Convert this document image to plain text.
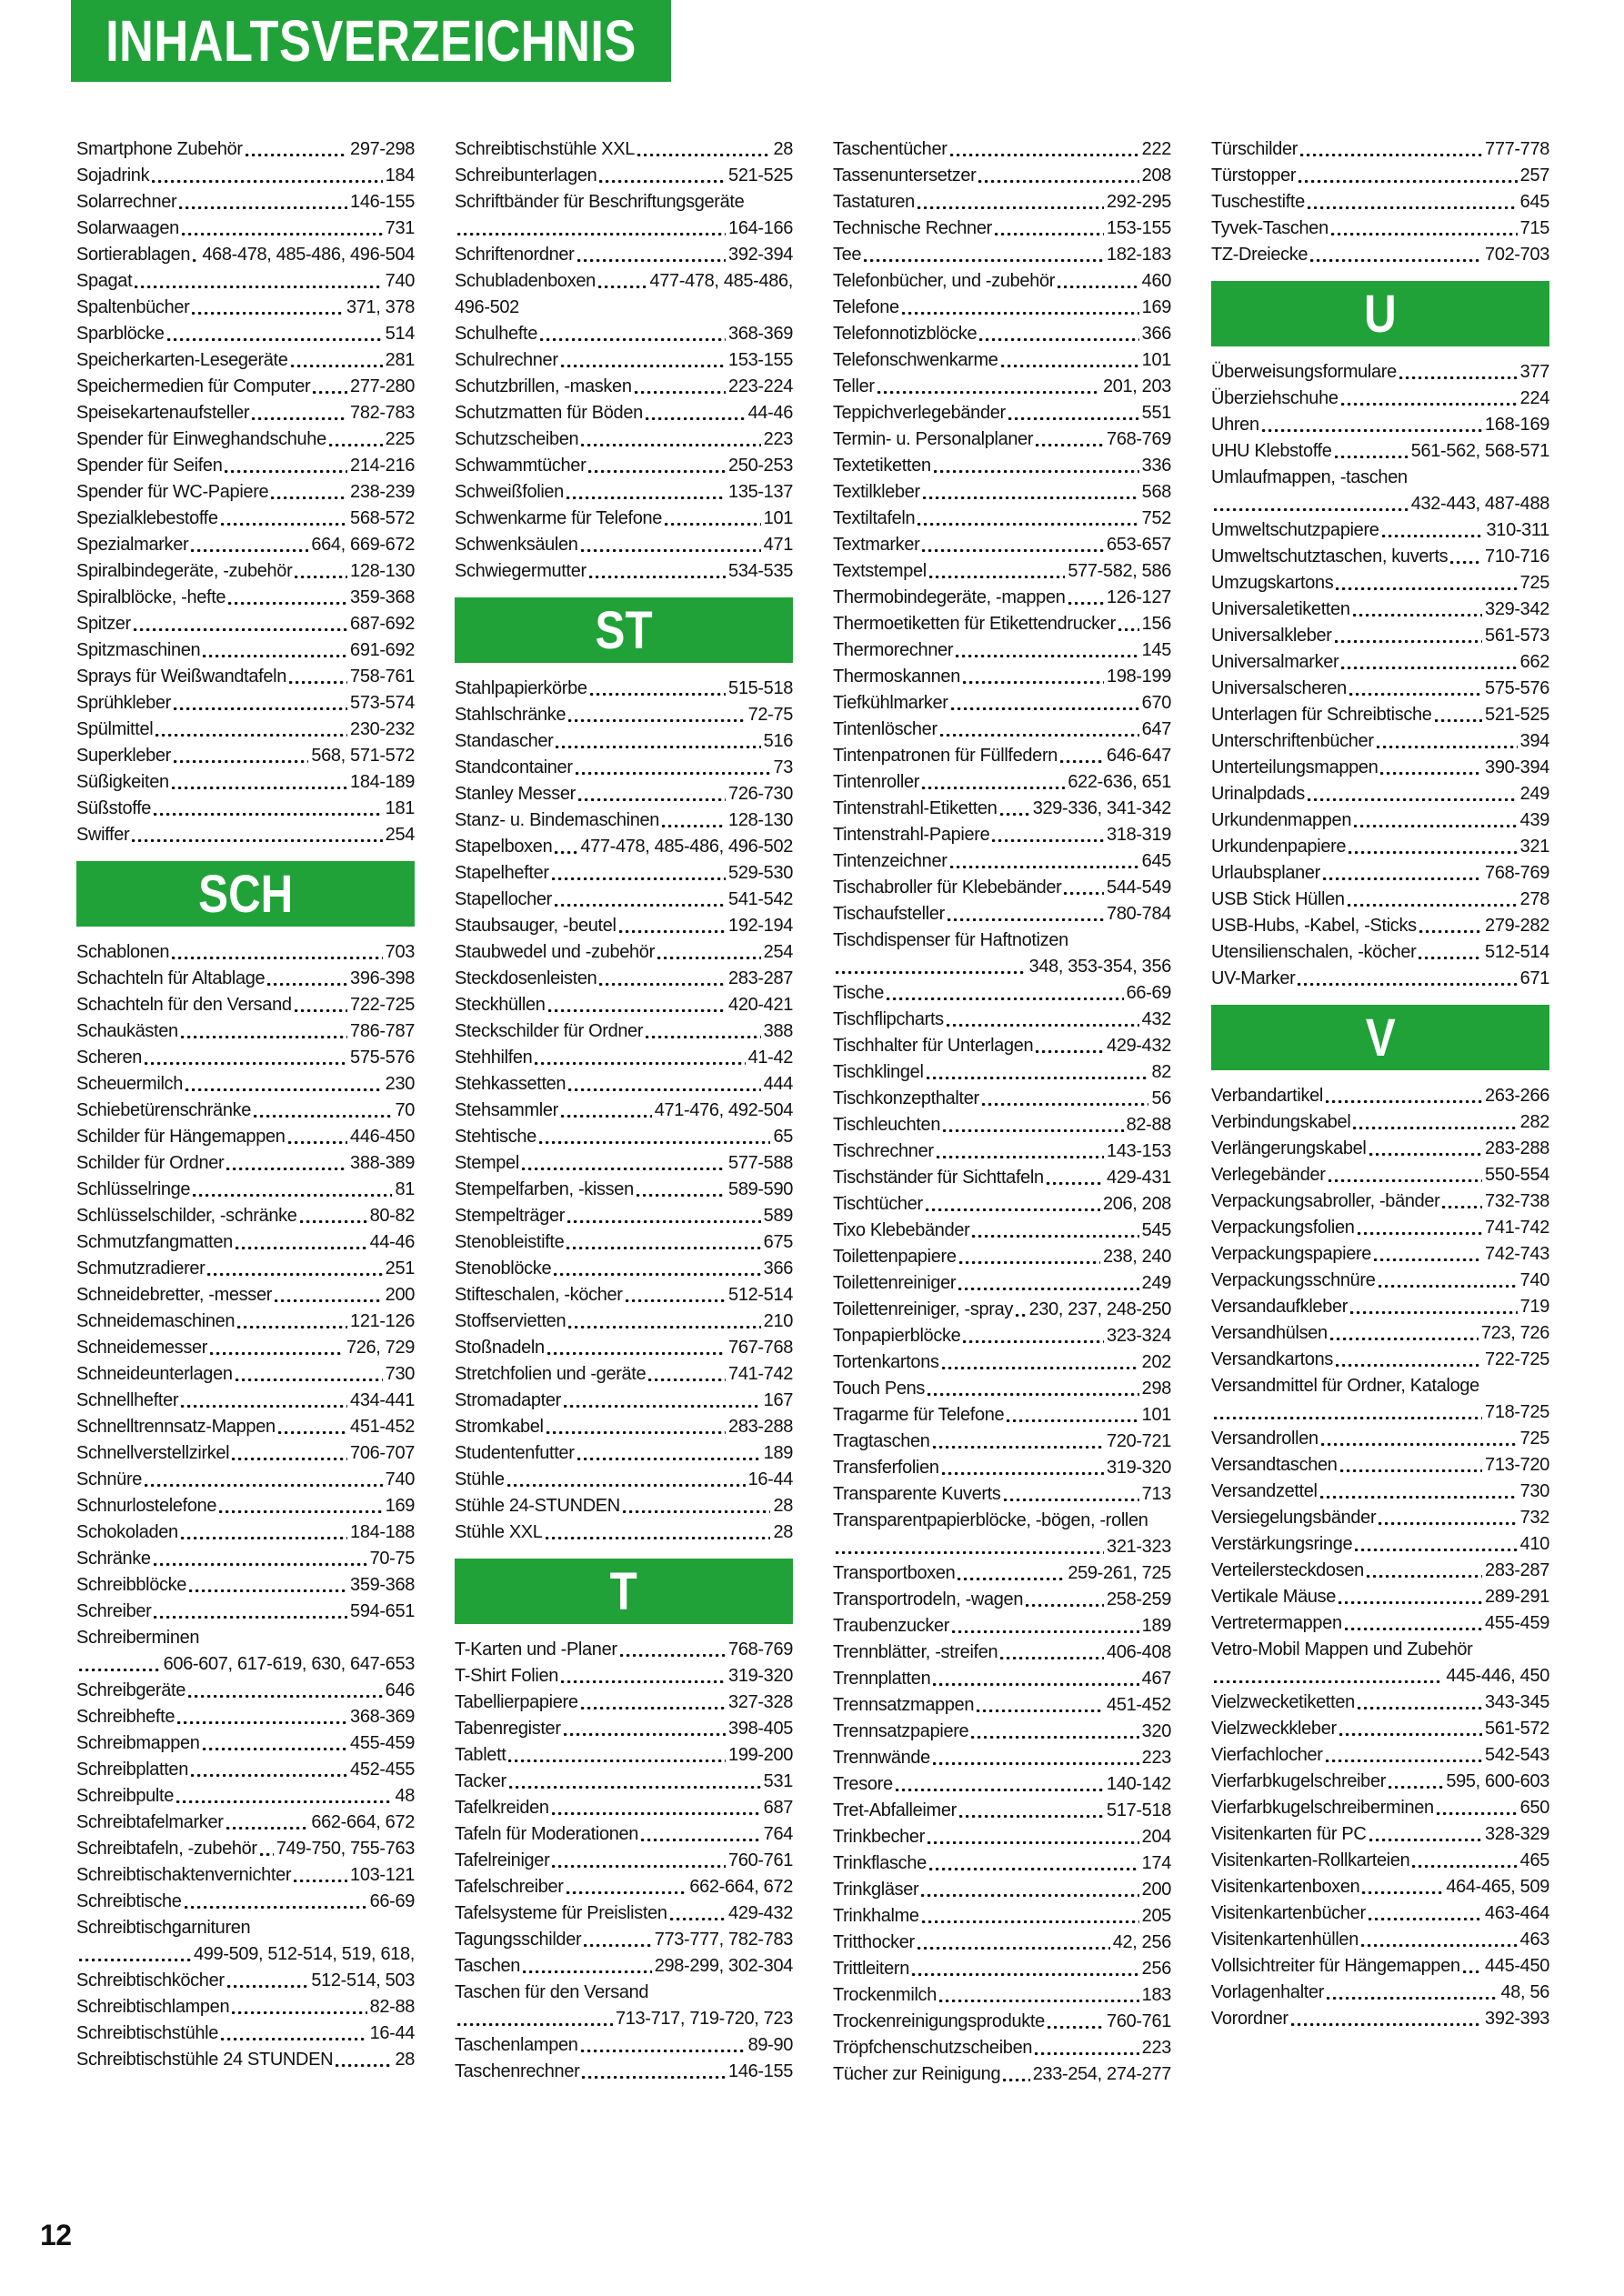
INHALTSVERZEICHNIS
Smartphone Zubehör	297-298
Sojadrink	184
Solarrechner	146-155
Solarwaagen	731
Sortierablagen 468-478, 485-486, 496-504
Spagat	740
Spaltenbücher	371, 378
Sparblöcke	514
Speicherkarten-Lesegeräte	281
Speichermedien für Computer 277-280
Speisekartenaufsteller	782-783
Spender für Einweghandschuhe	225
Spender für Seifen	214-216
Spender für WC-Papiere	238-239
Spezialklebestoffe	568-572
Spezialmarker	664, 669-672
Spiralbindegeräte, -zubehör	128-130
Spiralblöcke, -hefte	359-368
Spitzer	687-692
Spitzmaschinen	691-692
Sprays für Weißwandtafeln	758-761
Sprühkleber	573-574
Spülmittel	230-232
Superkleber	568, 571-572
Süßigkeiten	184-189
Süßstoffe	181
Swiffer	254
SCH
Schablonen	703
Schachteln für Altablage	396-398
Schachteln für den Versand	722-725
Schaukästen	786-787
Scheren	575-576
Scheuermilch	230
Schiebetürenschränke	70
Schilder für Hängemappen	446-450
Schilder für Ordner	388-389
Schlüsselringe	81
Schlüsselschilder, -schränke	80-82
Schmutzfangmatten	44-46
Schmutzradierer	251
Schneidebretter, -messer	200
Schneidemaschinen	121-126
Schneidemesser	726, 729
Schneideunterlagen	730
Schnellhefter	434-441
Schnelltrennsatz-Mappen	451-452
Schnellverstellzirkel	706-707
Schnüre	740
Schnurlostelefone	169
Schokoladen	184-188
Schränke	70-75
Schreibblöcke	359-368
Schreiber	594-651
Schreiberminen
606-607, 617-619, 630, 647-653
Schreibgeräte	646
Schreibhefte	368-369
Schreibmappen	455-459
Schreibplatten	452-455
Schreibpulte	48
Schreibtafelmarker	662-664, 672
Schreibtafeln, -zubehör 749-750, 755-763
Schreibtischaktenvernichter	103-121
Schreibtische	66-69
Schreibtischgarnituren
499-509, 512-514, 519, 618,
Schreibtischköcher	512-514, 503
Schreibtischlampen	82-88
Schreibtischstühle	16-44
Schreibtischstühle 24 STUNDEN	28
Schreibtischstühle XXL	28
Schreibunterlagen	521-525
Schriftbänder für Beschriftungsgeräte
164-166
Schriftenordner	392-394
Schubladenboxen	477-478, 485-486,
496-502
Schulhefte	368-369
Schulrechner	153-155
Schutzbrillen, -masken	223-224
Schutzmatten für Böden	44-46
Schutzscheiben	223
Schwammtücher	250-253
Schweißfolien	135-137
Schwenkarme für Telefone	101
Schwenksäulen	471
Schwiegermutter	534-535
ST
Stahlpapierkörbe	515-518
Stahlschränke	72-75
Standascher	516
Standcontainer	73
Stanley Messer	726-730
Stanz- u. Bindemaschinen	128-130
Stapelboxen 477-478, 485-486, 496-502
Stapelhefter	529-530
Stapellocher	541-542
Staubsauger, -beutel	192-194
Staubwedel und -zubehör	254
Steckdosenleisten	283-287
Steckhüllen	420-421
Steckschilder für Ordner	388
Stehhilfen	41-42
Stehkassetten	444
Stehsammler	471-476, 492-504
Stehtische	65
Stempel	577-588
Stempelfarben, -kissen	589-590
Stempelträger	589
Stenobleistifte	675
Stenoblöcke	366
Stifteschalen, -köcher	512-514
Stoffservietten	210
Stoßnadeln	767-768
Stretchfolien und -geräte	741-742
Stromadapter	167
Stromkabel	283-288
Studentenfutter	189
Stühle	16-44
Stühle 24-STUNDEN	28
Stühle XXL	28
T
T-Karten und -Planer	768-769
T-Shirt Folien	319-320
Tabellierpapiere	327-328
Tabenregister	398-405
Tablett	199-200
Tacker	531
Tafelkreiden	687
Tafeln für Moderationen	764
Tafelreiniger	760-761
Tafelschreiber	662-664, 672
Tafelsysteme für Preislisten	429-432
Tagungsschilder	773-777, 782-783
Taschen	298-299, 302-304
Taschen für den Versand
713-717, 719-720, 723
Taschenlampen	89-90
Taschenrechner	146-155
Taschentücher	222
Tassenuntersetzer	208
Tastaturen	292-295
Technische Rechner	153-155
Tee	182-183
Telefonbücher, und -zubehör	460
Telefone	169
Telefonnotizblöcke	366
Telefonschwenkarme	101
Teller	201, 203
Teppichverlegebänder	551
Termin- u. Personalplaner	768-769
Textetiketten	336
Textilkleber	568
Textiltafeln	752
Textmarker	653-657
Textstempel	577-582, 586
Thermobindegeräte, -mappen 126-127
Thermoetiketten für Etikettendrucker 156
Thermorechner	145
Thermoskannen	198-199
Tiefkühlmarker	670
Tintenlöscher	647
Tintenpatronen für Füllfedern	646-647
Tintenroller	622-636, 651
Tintenstrahl-Etiketten 329-336, 341-342
Tintenstrahl-Papiere	318-319
Tintenzeichner	645
Tischabroller für Klebebänder 544-549
Tischaufsteller	780-784
Tischdispenser für Haftnotizen
348, 353-354, 356
Tische	66-69
Tischflipcharts	432
Tischhalter für Unterlagen	429-432
Tischklingel	82
Tischkonzepthalter	56
Tischleuchten	82-88
Tischrechner	143-153
Tischständer für Sichttafeln	429-431
Tischtücher	206, 208
Tixo Klebebänder	545
Toilettenpapiere	238, 240
Toilettenreiniger	249
Toilettenreiniger, -spray 230, 237, 248-250
Tonpapierblöcke	323-324
Tortenkartons	202
Touch Pens	298
Tragarme für Telefone	101
Tragtaschen	720-721
Transferfolien	319-320
Transparente Kuverts	713
Transparentpapierblöcke, -bögen, -rollen
321-323
Transportboxen	259-261, 725
Transportrodeln, -wagen	258-259
Traubenzucker	189
Trennblätter, -streifen	406-408
Trennplatten	467
Trennsatzmappen	451-452
Trennsatzpapiere	320
Trennwände	223
Tresore	140-142
Tret-Abfalleimer	517-518
Trinkbecher	204
Trinkflasche	174
Trinkgläser	200
Trinkhalme	205
Tritthocker	42, 256
Trittleitern	256
Trockenmilch	183
Trockenreinigungsprodukte	760-761
Tröpfchenschutzscheiben	223
Tücher zur Reinigung 233-254, 274-277
Türschilder	777-778
Türstopper	257
Tuschestifte	645
Tyvek-Taschen	715
TZ-Dreiecke	702-703
U
Überweisungsformulare	377
Überziehschuhe	224
Uhren	168-169
UHU Klebstoffe	561-562, 568-571
Umlaufmappen, -taschen
432-443, 487-488
Umweltschutzpapiere	310-311
Umweltschutztaschen, kuverts 710-716
Umzugskartons	725
Universaletiketten	329-342
Universalkleber	561-573
Universalmarker	662
Universalscheren	575-576
Unterlagen für Schreibtische	521-525
Unterschriftenbücher	394
Unterteilungsmappen	390-394
Urinalpdads	249
Urkundenmappen	439
Urkundenpapiere	321
Urlaubsplaner	768-769
USB Stick Hüllen	278
USB-Hubs, -Kabel, -Sticks	279-282
Utensilienschalen, -köcher	512-514
UV-Marker	671
V
Verbandartikel	263-266
Verbindungskabel	282
Verlängerungskabel	283-288
Verlegebänder	550-554
Verpackungsabroller, -bänder 732-738
Verpackungsfolien	741-742
Verpackungspapiere	742-743
Verpackungsschnüre	740
Versandaufkleber	719
Versandhülsen	723, 726
Versandkartons	722-725
Versandmittel für Ordner, Kataloge
718-725
Versandrollen	725
Versandtaschen	713-720
Versandzettel	730
Versiegelungsbänder	732
Verstärkungsringe	410
Verteilersteckdosen	283-287
Vertikale Mäuse	289-291
Vertretermappen	455-459
Vetro-Mobil Mappen und Zubehör
445-446, 450
Vielzwecketiketten	343-345
Vielzweckkleber	561-572
Vierfachlocher	542-543
Vierfarbkugelschreiber	595, 600-603
Vierfarbkugelschreiberminen	650
Visitenkarten für PC	328-329
Visitenkarten-Rollkarteien	465
Visitenkartenboxen	464-465, 509
Visitenkartenbücher	463-464
Visitenkartenhüllen	463
Vollsichtreiter für Hängemappen 445-450
Vorlagenhalter	48, 56
Vorordner	392-393
12
